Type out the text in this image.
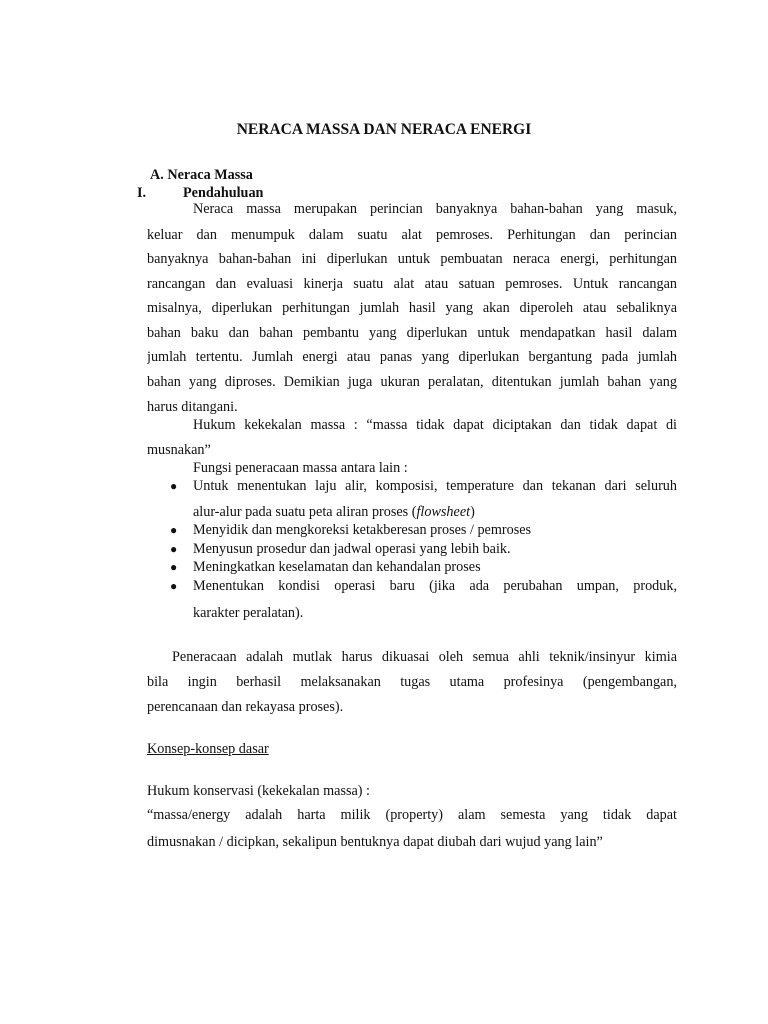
NERACA MASSA DAN NERACA ENERGI
A. Neraca Massa
I.	Pendahuluan
Neraca massa merupakan perincian banyaknya bahan-bahan yang masuk,
keluar dan menumpuk dalam suatu alat pemroses. Perhitungan dan perincian
banyaknya bahan-bahan ini diperlukan untuk pembuatan neraca energi, perhitungan
rancangan dan evaluasi kinerja suatu alat atau satuan pemroses. Untuk rancangan
misalnya, diperlukan perhitungan jumlah hasil yang akan diperoleh atau sebaliknya
bahan baku dan bahan pembantu yang diperlukan untuk mendapatkan hasil dalam
jumlah tertentu. Jumlah energi atau panas yang diperlukan bergantung pada jumlah
bahan yang diproses. Demikian juga ukuran peralatan, ditentukan jumlah bahan yang
harus ditangani.
Hukum kekekalan massa : “massa tidak dapat diciptakan dan tidak dapat di
musnakan”
Fungsi peneracaan massa antara lain :
● Untuk menentukan laju alir, komposisi, temperature dan tekanan dari seluruh
alur-alur pada suatu peta aliran proses (flowsheet)
● Menyidik dan mengkoreksi ketakberesan proses / pemroses
● Menyusun prosedur dan jadwal operasi yang lebih baik.
● Meningkatkan keselamatan dan kehandalan proses
● Menentukan kondisi operasi baru (jika ada perubahan umpan, produk,
karakter peralatan).
Peneracaan adalah mutlak harus dikuasai oleh semua ahli teknik/insinyur kimia
bila ingin berhasil melaksanakan tugas utama profesinya (pengembangan,
perencanaan dan rekayasa proses).
Konsep-konsep dasar
Hukum konservasi (kekekalan massa) :
“massa/energy adalah harta milik (property) alam semesta yang tidak dapat
dimusnakan / dicipkan, sekalipun bentuknya dapat diubah dari wujud yang lain”
